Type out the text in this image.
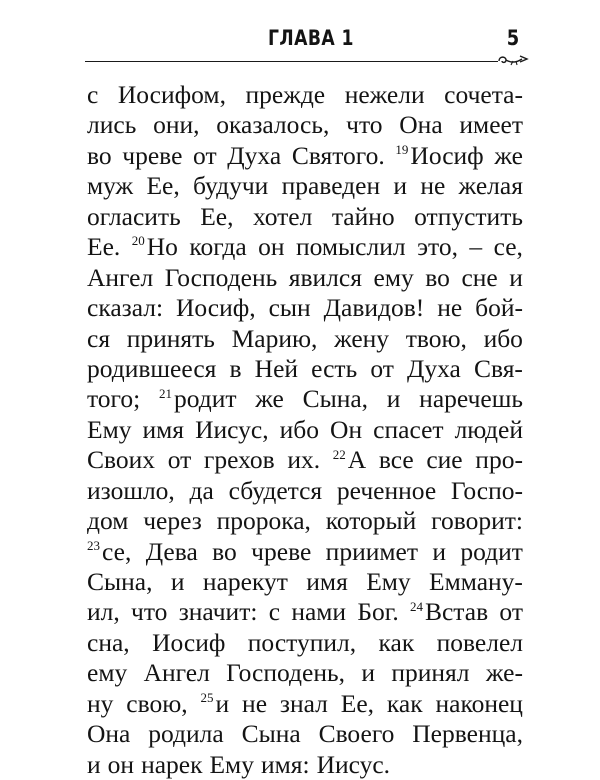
ГЛАВА 1	5
с Иосифом, прежде нежели сочета-
лись они, оказалось, что Она имеет
во чреве от Духа Святого. $^{19}$Иосиф же
муж Ее, будучи праведен и не желая
огласить Ее, хотел тайно отпустить
Ее. $^{20}$Но когда он помыслил это, – се,
Ангел Господень явился ему во сне и
сказал: Иосиф, сын Давидов! не бой-
ся принять Марию, жену твою, ибо
родившееся в Ней есть от Духа Свя-
того; $^{21}$родит же Сына, и наречешь
Ему имя Иисус, ибо Он спасет людей
Своих от грехов их. $^{22}$А все сие про-
изошло, да сбудется реченное Госпо-
дом через пророка, который говорит:
$^{23}$се, Дева во чреве приимет и родит
Сына, и нарекут имя Ему Емману-
ил, что значит: с нами Бог. $^{24}$Встав от
сна, Иосиф поступил, как повелел
ему Ангел Господень, и принял же-
ну свою, $^{25}$и не знал Ее, как наконец
Она родила Сына Своего Первенца,
и он нарек Ему имя: Иисус.
